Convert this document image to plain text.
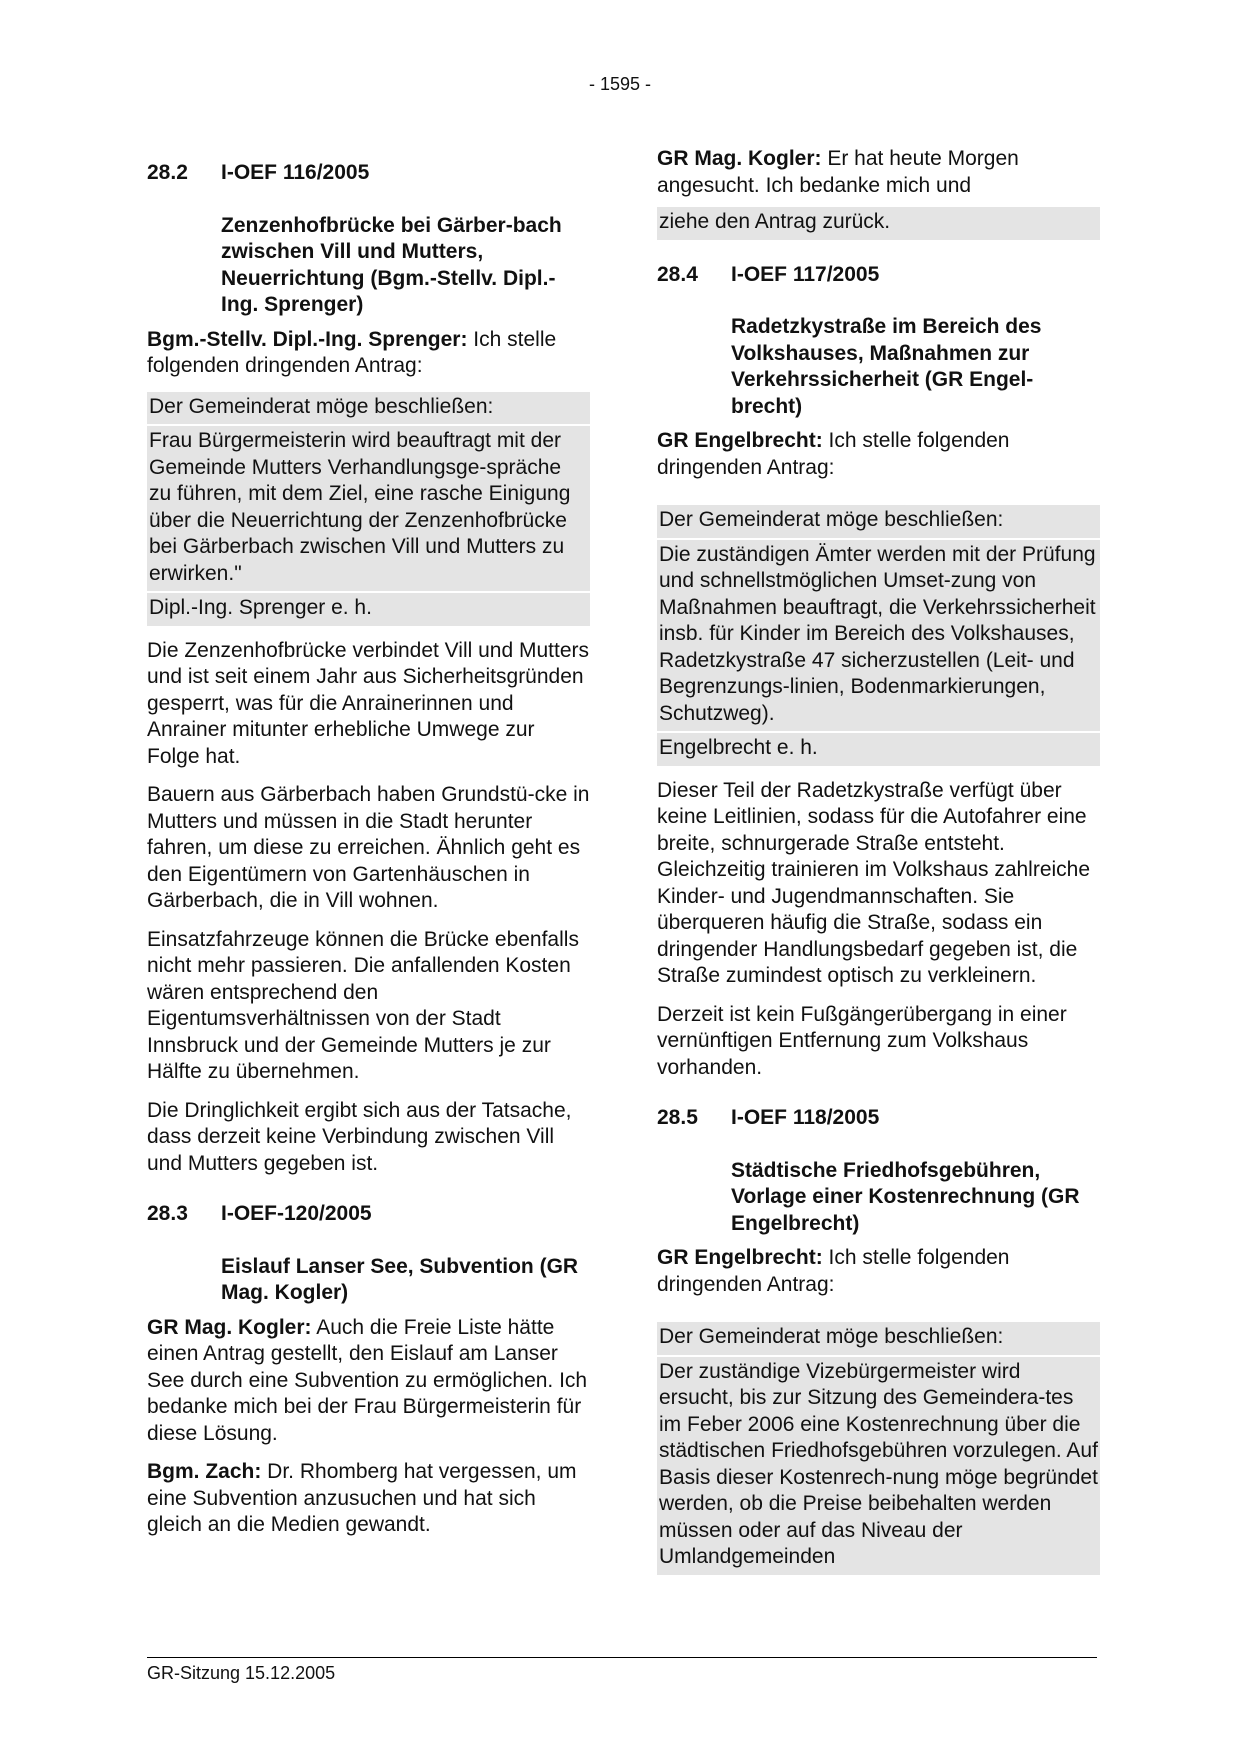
- 1595 -
28.2	I-OEF 116/2005
Zenzenhofbrücke bei Gärber-bach zwischen Vill und Mutters, Neuerrichtung (Bgm.-Stellv. Dipl.-Ing. Sprenger)

Bgm.-Stellv. Dipl.-Ing. Sprenger: Ich stelle folgenden dringenden Antrag:

Der Gemeinderat möge beschließen:
Frau Bürgermeisterin wird beauftragt mit der Gemeinde Mutters Verhandlungsge-spräche zu führen, mit dem Ziel, eine rasche Einigung über die Neuerrichtung der Zenzenhofbrücke bei Gärberbach zwischen Vill und Mutters zu erwirken."
Dipl.-Ing. Sprenger e. h.

Die Zenzenhofbrücke verbindet Vill und Mutters und ist seit einem Jahr aus Sicherheitsgründen gesperrt, was für die Anrainerinnen und Anrainer mitunter erhebliche Umwege zur Folge hat.

Bauern aus Gärberbach haben Grundstü-cke in Mutters und müssen in die Stadt herunter fahren, um diese zu erreichen. Ähnlich geht es den Eigentümern von Gartenhäuschen in Gärberbach, die in Vill wohnen.

Einsatzfahrzeuge können die Brücke ebenfalls nicht mehr passieren. Die anfallenden Kosten wären entsprechend den Eigentumsverhältnissen von der Stadt Innsbruck und der Gemeinde Mutters je zur Hälfte zu übernehmen.

Die Dringlichkeit ergibt sich aus der Tatsache, dass derzeit keine Verbindung zwischen Vill und Mutters gegeben ist.

28.3	I-OEF-120/2005
Eislauf Lanser See, Subvention (GR Mag. Kogler)

GR Mag. Kogler: Auch die Freie Liste hätte einen Antrag gestellt, den Eislauf am Lanser See durch eine Subvention zu ermöglichen. Ich bedanke mich bei der Frau Bürgermeisterin für diese Lösung.

Bgm. Zach: Dr. Rhomberg hat vergessen, um eine Subvention anzusuchen und hat sich gleich an die Medien gewandt.

GR Mag. Kogler: Er hat heute Morgen angesucht. Ich bedanke mich und

ziehe den Antrag zurück.
28.4	I-OEF 117/2005
Radetzkystraße im Bereich des Volkshauses, Maßnahmen zur Verkehrssicherheit (GR Engel-brecht)

GR Engelbrecht: Ich stelle folgenden dringenden Antrag:

Der Gemeinderat möge beschließen:
Die zuständigen Ämter werden mit der Prüfung und schnellstmöglichen Umset-zung von Maßnahmen beauftragt, die Verkehrssicherheit insb. für Kinder im Bereich des Volkshauses, Radetzkystraße 47 sicherzustellen (Leit- und Begrenzungs-linien, Bodenmarkierungen, Schutzweg).
Engelbrecht e. h.

Dieser Teil der Radetzkystraße verfügt über keine Leitlinien, sodass für die Autofahrer eine breite, schnurgerade Straße entsteht. Gleichzeitig trainieren im Volkshaus zahlreiche Kinder- und Jugendmannschaften. Sie überqueren häufig die Straße, sodass ein dringender Handlungsbedarf gegeben ist, die Straße zumindest optisch zu verkleinern.

Derzeit ist kein Fußgängerübergang in einer vernünftigen Entfernung zum Volkshaus vorhanden.

28.5	I-OEF 118/2005
Städtische Friedhofsgebühren, Vorlage einer Kostenrechnung (GR Engelbrecht)

GR Engelbrecht: Ich stelle folgenden dringenden Antrag:

Der Gemeinderat möge beschließen:
Der zuständige Vizebürgermeister wird ersucht, bis zur Sitzung des Gemeindera-tes im Feber 2006 eine Kostenrechnung über die städtischen Friedhofsgebühren vorzulegen. Auf Basis dieser Kostenrech-nung möge begründet werden, ob die Preise beibehalten werden müssen oder auf das Niveau der Umlandgemeinden
GR-Sitzung 15.12.2005
